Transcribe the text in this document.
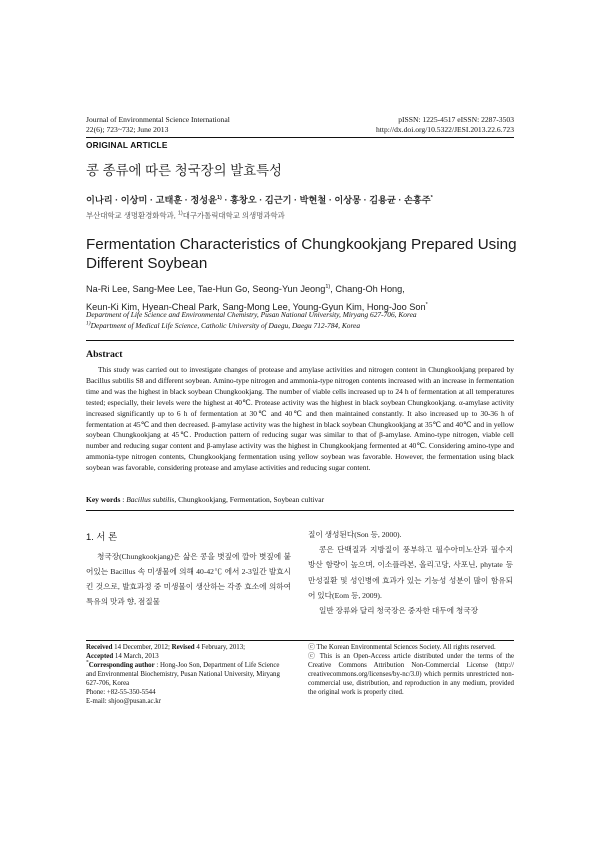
Journal of Environmental Science International
22(6); 723~732; June 2013
pISSN: 1225-4517 eISSN: 2287-3503
http://dx.doi.org/10.5322/JESI.2013.22.6.723
ORIGINAL ARTICLE
콩 종류에 따른 청국장의 발효특성
이나리 · 이상미 · 고태훈 · 정성윤$^{1)}$ · 홍창오 · 김근기 · 박현철 · 이상몽 · 김용균 · 손홍주*
부산대학교 생명환경화학과, $^{1)}$대구가톨릭대학교 의생명과학과
Fermentation Characteristics of Chungkookjang Prepared Using Different Soybean
Na-Ri Lee, Sang-Mee Lee, Tae-Hun Go, Seong-Yun Jeong$^{1)}$, Chang-Oh Hong,
Keun-Ki Kim, Hyean-Cheal Park, Sang-Mong Lee, Young-Gyun Kim, Hong-Joo Son*
Department of Life Science and Environmental Chemistry, Pusan National University, Miryang 627-706, Korea
$^{1)}$Department of Medical Life Science, Catholic University of Daegu, Daegu 712-784, Korea
Abstract
This study was carried out to investigate changes of protease and amylase activities and nitrogen content in Chungkookjang prepared by Bacillus subtilis S8 and different soybean. Amino-type nitrogen and ammonia-type nitrogen contents increased with an increase in fermentation time and was the highest in black soybean Chungkookjang. The number of viable cells increased up to 24 h of fermentation at all temperatures tested; especially, their levels were the highest at 40℃. Protease activity was the highest in black soybean Chungkookjang. α-amylase activity increased significantly up to 6 h of fermentation at 30℃ and 40℃ and then maintained constantly. It also increased up to 30-36 h of fermentation at 45℃ and then decreased. β-amylase activity was the highest in black soybean Chungkookjang at 35℃ and 40℃ and in yellow soybean Chungkookjang at 45℃. Production pattern of reducing sugar was similar to that of β-amylase. Amino-type nitrogen, viable cell number and reducing sugar content and β-amylase activity was the highest in Chungkookjang fermented at 40℃. Considering amino-type and ammonia-type nitrogen contents, Chungkookjang fermentation using yellow soybean was favorable. However, the fermentation using black soybean was favorable, considering protease and amylase activities and reducing sugar content.
Key words : Bacillus subtilis, Chungkookjang, Fermentation, Soybean cultivar
1. 서 론
청국장(Chungkookjang)은 삶은 콩을 볏짚에 깔아 볏짚에 붙어있는 Bacillus 속 미생물에 의해 40-42℃ 에서 2-3일간 발효시킨 것으로, 발효과정 중 미생물이 생산하는 각종 효소에 의하여 특유의 맛과 향, 점질물

질이 생성된다(Son 등, 2000).

콩은 단백질과 지방질이 풍부하고 필수아미노산과 필수지방산 함량이 높으며, 이소플라본, 올리고당, 사포닌, phytate 등 만성질환 및 성인병에 효과가 있는 기능성 성분이 많이 함유되어 있다(Eom 등, 2009).

일반 장류와 달리 청국장은 중자한 대두에 청국장

Received 14 December, 2012; Revised 4 February, 2013;
Accepted 14 March, 2013
*Corresponding author : Hong-Joo Son, Department of Life Science and Environmental Biochemistry, Pusan National University, Miryang 627-706, Korea
Phone: +82-55-350-5544
E-mail: shjoo@pusan.ac.kr
ⓒ The Korean Environmental Sciences Society. All rights reserved.
ⓒ This is an Open-Access article distributed under the terms of the Creative Commons Attribution Non-Commercial License (http:// creativecommons.org/licenses/by-nc/3.0) which permits unrestricted non-commercial use, distribution, and reproduction in any medium, provided the original work is properly cited.
